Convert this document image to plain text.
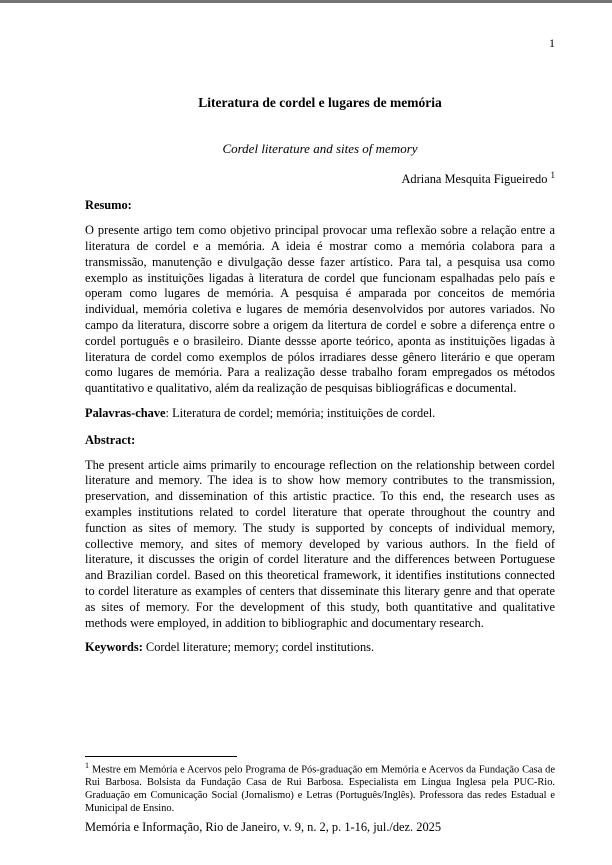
1
Literatura de cordel e lugares de memória
Cordel literature and sites of memory
Adriana Mesquita Figueiredo $^1$
Resumo:
O presente artigo tem como objetivo principal provocar uma reflexão sobre a relação entre a literatura de cordel e a memória. A ideia é mostrar como a memória colabora para a transmissão, manutenção e divulgação desse fazer artístico. Para tal, a pesquisa usa como exemplo as instituições ligadas à literatura de cordel que funcionam espalhadas pelo país e operam como lugares de memória. A pesquisa é amparada por conceitos de memória individual, memória coletiva e lugares de memória desenvolvidos por autores variados. No campo da literatura, discorre sobre a origem da litertura de cordel e sobre a diferença entre o cordel português e o brasileiro. Diante dessse aporte teórico, aponta as instituições ligadas à literatura de cordel como exemplos de pólos irradiares desse gênero literário e que operam como lugares de memória. Para a realização desse trabalho foram empregados os métodos quantitativo e qualitativo, além da realização de pesquisas bibliográficas e documental.
Palavras-chave: Literatura de cordel; memória; instituições de cordel.
Abstract:
The present article aims primarily to encourage reflection on the relationship between cordel literature and memory. The idea is to show how memory contributes to the transmission, preservation, and dissemination of this artistic practice. To this end, the research uses as examples institutions related to cordel literature that operate throughout the country and function as sites of memory. The study is supported by concepts of individual memory, collective memory, and sites of memory developed by various authors. In the field of literature, it discusses the origin of cordel literature and the differences between Portuguese and Brazilian cordel. Based on this theoretical framework, it identifies institutions connected to cordel literature as examples of centers that disseminate this literary genre and that operate as sites of memory. For the development of this study, both quantitative and qualitative methods were employed, in addition to bibliographic and documentary research.
Keywords: Cordel literature; memory; cordel institutions.
$^1$ Mestre em Memória e Acervos pelo Programa de Pós-graduação em Memória e Acervos da Fundação Casa de Rui Barbosa. Bolsista da Fundação Casa de Rui Barbosa. Especialista em Língua Inglesa pela PUC-Rio. Graduação em Comunicação Social (Jornalismo) e Letras (Português/Inglês). Professora das redes Estadual e Municipal de Ensino.
Memória e Informação, Rio de Janeiro, v. 9, n. 2, p. 1-16, jul./dez. 2025
